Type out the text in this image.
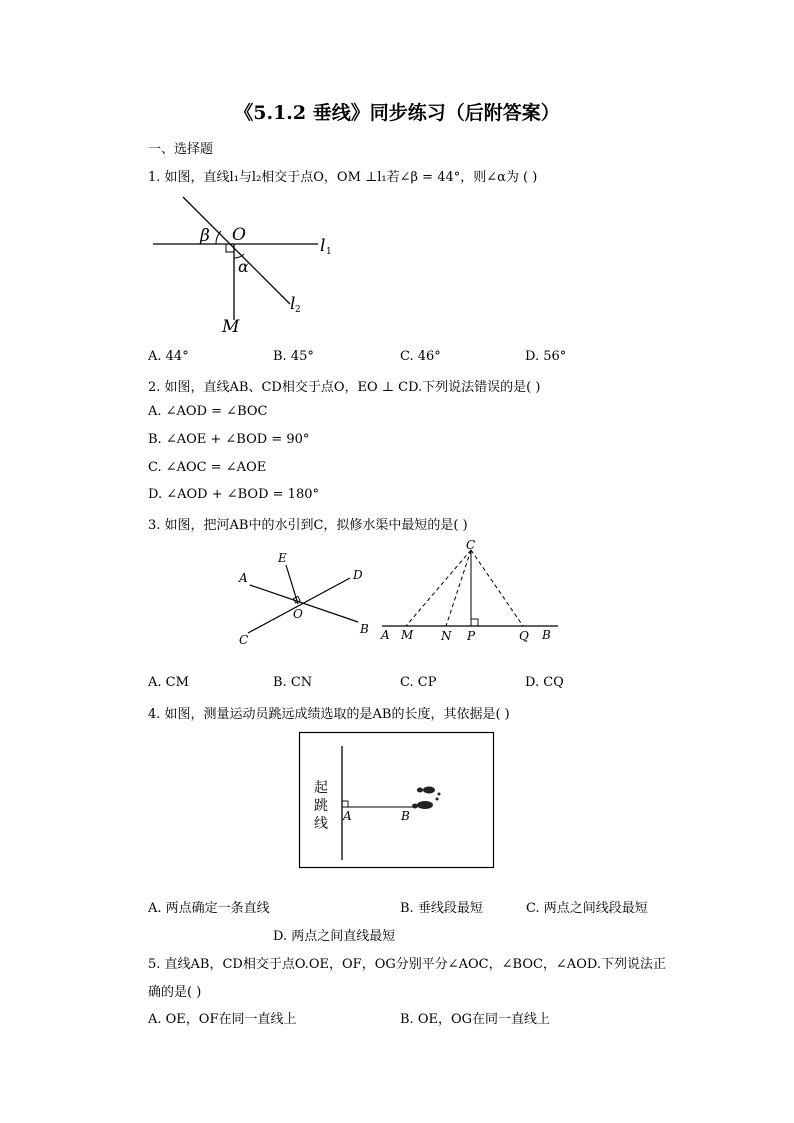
《5.1.2 垂线》同步练习（后附答案）
一、选择题
1. 如图，直线l₁与l₂相交于点O，OM ⊥l₁若∠β = 44°，则∠α为 ( )
β O
l 1
α
l 2
M
A. 44°	B. 45°	C. 46°	D. 56°
2. 如图，直线AB、CD相交于点O，EO ⊥ CD.下列说法错误的是( )
A. ∠AOD = ∠BOC
B. ∠AOE + ∠BOD = 90°
C. ∠AOC = ∠AOE
D. ∠AOD + ∠BOD = 180°
3. 如图，把河AB中的水引到C，拟修水渠中最短的是( )
E
A	D
O
B
C
C
A M N P	Q B
A. CM	B. CN	C. CP	D. CQ
4. 如图，测量运动员跳远成绩选取的是AB的长度，其依据是( )
起
跳
线 A	B
A. 两点确定一条直线	B. 垂线段最短	C. 两点之间线段最短
D. 两点之间直线最短
5. 直线AB，CD相交于点O.OE，OF，OG分别平分∠AOC，∠BOC，∠AOD.下列说法正
确的是( )
A. OE，OF在同一直线上	B. OE，OG在同一直线上
